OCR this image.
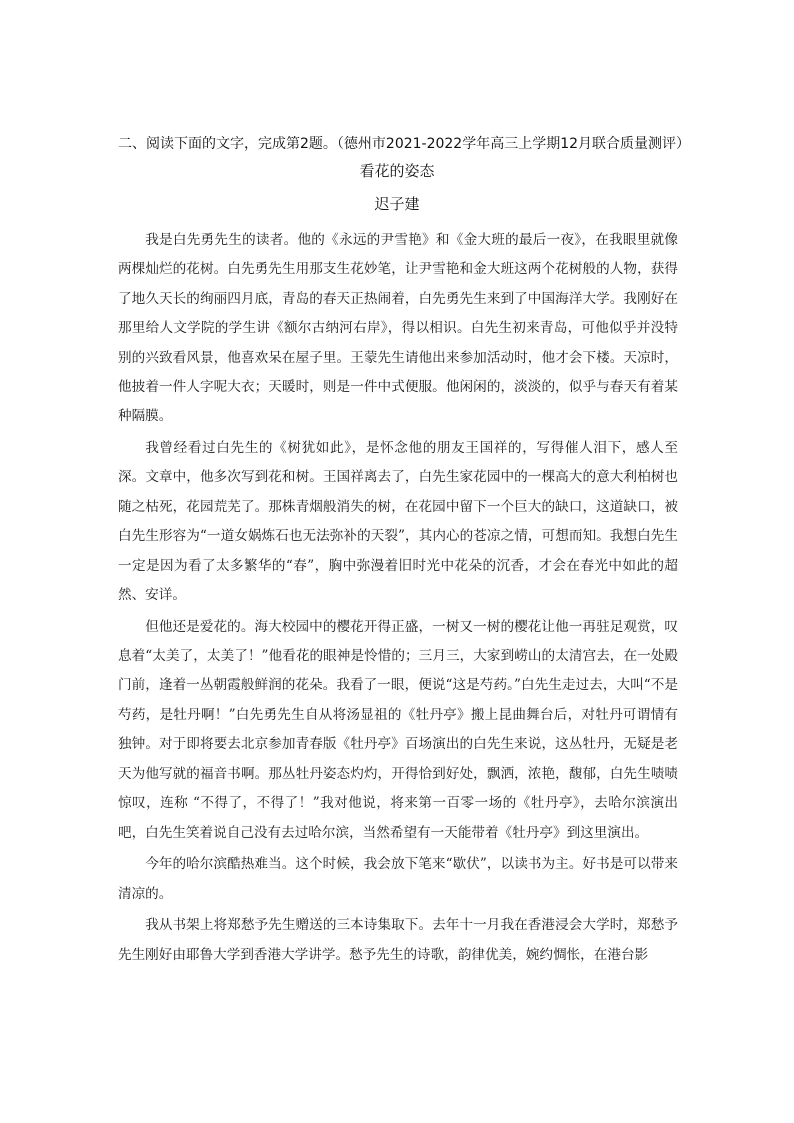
二、阅读下面的文字，完成第2题。（德州市2021-2022学年高三上学期12月联合质量测评）
看花的姿态
迟子建

我是白先勇先生的读者。他的《永远的尹雪艳》和《金大班的最后一夜》，在我眼里就像两棵灿烂的花树。白先勇先生用那支生花妙笔，让尹雪艳和金大班这两个花树般的人物，获得了地久天长的绚丽四月底，青岛的春天正热闹着，白先勇先生来到了中国海洋大学。我刚好在那里给人文学院的学生讲《额尔古纳河右岸》，得以相识。白先生初来青岛，可他似乎并没特别的兴致看风景，他喜欢呆在屋子里。王蒙先生请他出来参加活动时，他才会下楼。天凉时，他披着一件人字呢大衣；天暖时，则是一件中式便服。他闲闲的，淡淡的，似乎与春天有着某种隔膜。

我曾经看过白先生的《树犹如此》，是怀念他的朋友王国祥的，写得催人泪下，感人至深。文章中，他多次写到花和树。王国祥离去了，白先生家花园中的一棵高大的意大利柏树也随之枯死，花园荒芜了。那株青烟般消失的树，在花园中留下一个巨大的缺口，这道缺口，被白先生形容为“一道女娲炼石也无法弥补的天裂”，其内心的苍凉之情，可想而知。我想白先生一定是因为看了太多繁华的“春”，胸中弥漫着旧时光中花朵的沉香，才会在春光中如此的超然、安详。

但他还是爱花的。海大校园中的樱花开得正盛，一树又一树的樱花让他一再驻足观赏，叹息着“太美了，太美了！”他看花的眼神是怜惜的；三月三，大家到崂山的太清宫去，在一处殿门前，逢着一丛朝霞般鲜润的花朵。我看了一眼，便说“这是芍药。”白先生走过去，大叫“不是芍药，是牡丹啊！”白先勇先生自从将汤显祖的《牡丹亭》搬上昆曲舞台后，对牡丹可谓情有独钟。对于即将要去北京参加青春版《牡丹亭》百场演出的白先生来说，这丛牡丹，无疑是老天为他写就的福音书啊。那丛牡丹姿态灼灼，开得恰到好处，飘洒，浓艳，馥郁，白先生啧啧惊叹，连称 “不得了，不得了！”我对他说，将来第一百零一场的《牡丹亭》，去哈尔滨演出吧，白先生笑着说自己没有去过哈尔滨，当然希望有一天能带着《牡丹亭》到这里演出。

今年的哈尔滨酷热难当。这个时候，我会放下笔来“歇伏”，以读书为主。好书是可以带来清凉的。

我从书架上将郑愁予先生赠送的三本诗集取下。去年十一月我在香港浸会大学时，郑愁予先生刚好由耶鲁大学到香港大学讲学。愁予先生的诗歌，韵律优美，婉约惆怅，在港台影
